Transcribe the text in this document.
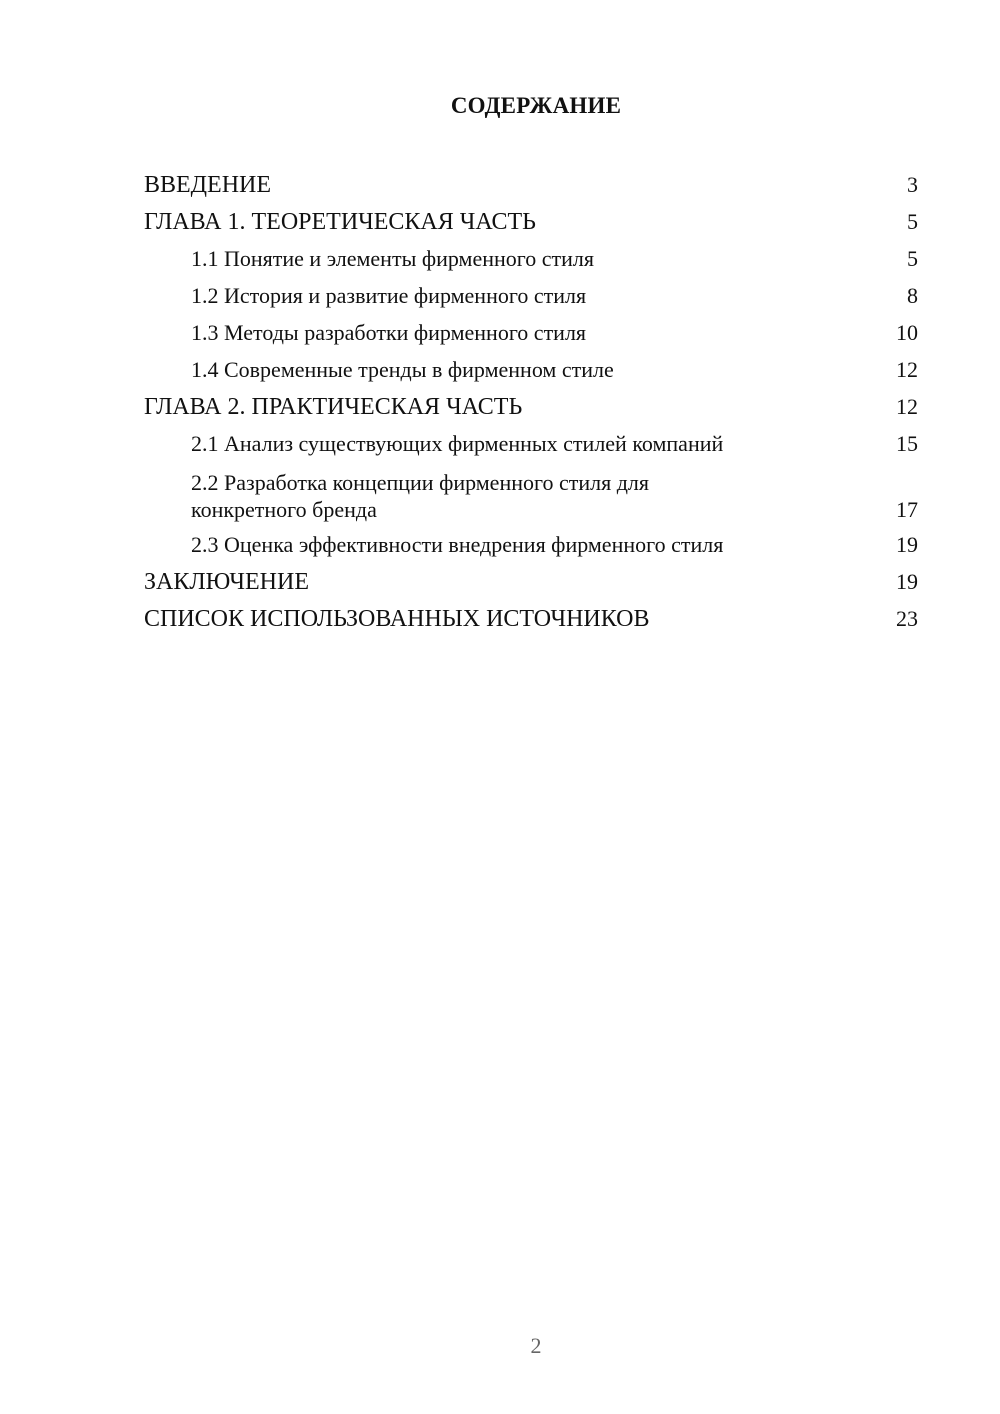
СОДЕРЖАНИЕ
ВВЕДЕНИЕ	3
ГЛАВА 1. ТЕОРЕТИЧЕСКАЯ ЧАСТЬ	5
1.1 Понятие и элементы фирменного стиля	5
1.2 История и развитие фирменного стиля	8
1.3 Методы разработки фирменного стиля	10
1.4 Современные тренды в фирменном стиле	12
ГЛАВА 2. ПРАКТИЧЕСКАЯ ЧАСТЬ	12
2.1 Анализ существующих фирменных стилей компаний	15
2.2 Разработка концепции фирменного стиля для конкретного бренда	17
2.3 Оценка эффективности внедрения фирменного стиля	19
ЗАКЛЮЧЕНИЕ	19
СПИСОК ИСПОЛЬЗОВАННЫХ ИСТОЧНИКОВ	23
2
